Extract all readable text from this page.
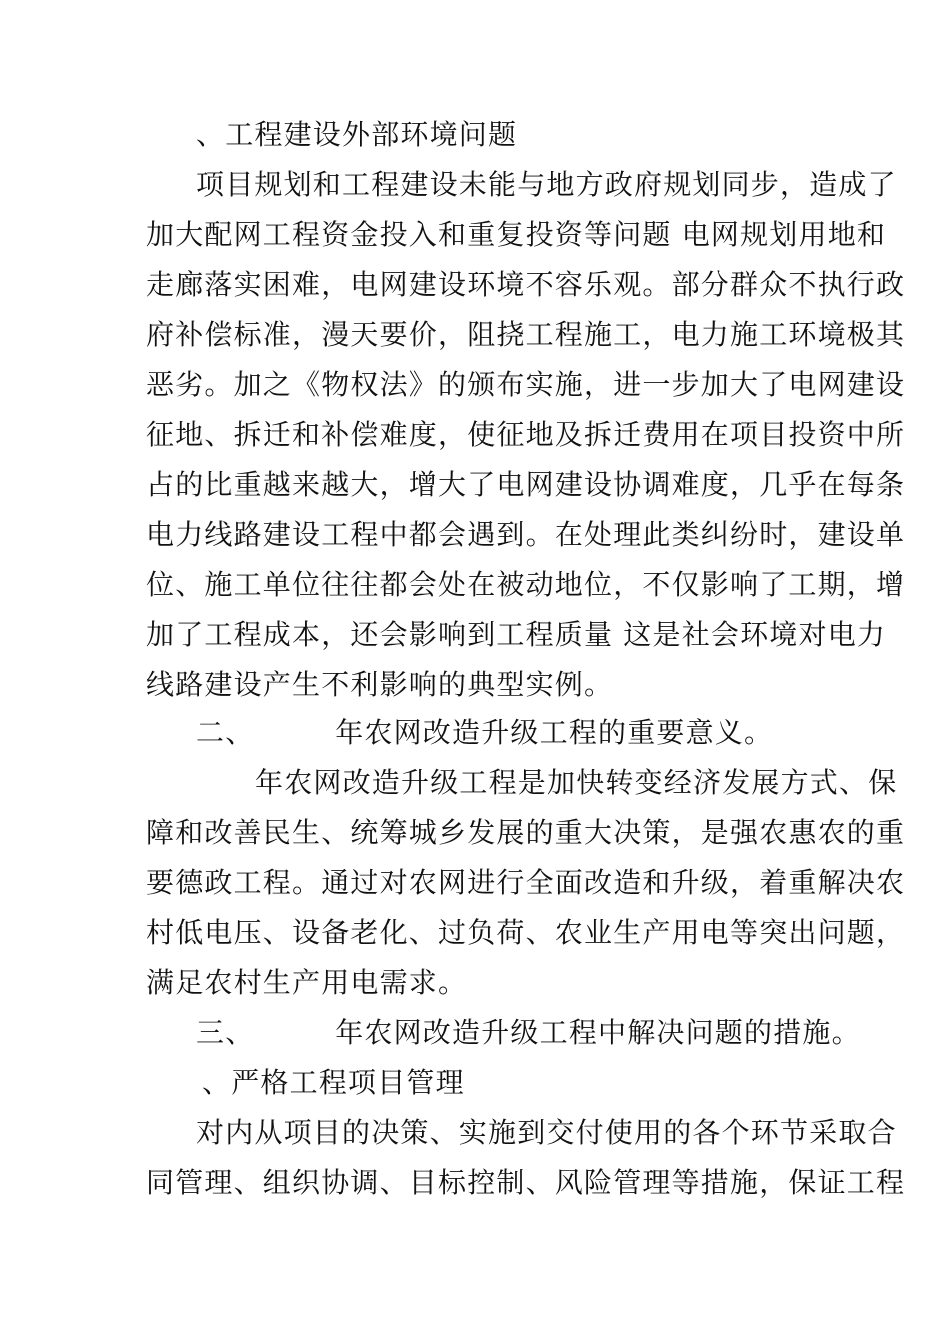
、工程建设外部环境问题
项目规划和工程建设未能与地方政府规划同步，造成了
加大配网工程资金投入和重复投资等问题 电网规划用地和
走廊落实困难，电网建设环境不容乐观。部分群众不执行政
府补偿标准，漫天要价，阻挠工程施工，电力施工环境极其
恶劣。加之《物权法》的颁布实施，进一步加大了电网建设
征地、拆迁和补偿难度，使征地及拆迁费用在项目投资中所
占的比重越来越大，增大了电网建设协调难度，几乎在每条
电力线路建设工程中都会遇到。在处理此类纠纷时，建设单
位、施工单位往往都会处在被动地位，不仅影响了工期，增
加了工程成本，还会影响到工程质量 这是社会环境对电力
线路建设产生不利影响的典型实例。
二、        年农网改造升级工程的重要意义。
年农网改造升级工程是加快转变经济发展方式、保
障和改善民生、统筹城乡发展的重大决策，是强农惠农的重
要德政工程。通过对农网进行全面改造和升级，着重解决农
村低电压、设备老化、过负荷、农业生产用电等突出问题，
满足农村生产用电需求。
三、        年农网改造升级工程中解决问题的措施。
、严格工程项目管理
对内从项目的决策、实施到交付使用的各个环节采取合
同管理、组织协调、目标控制、风险管理等措施，保证工程
